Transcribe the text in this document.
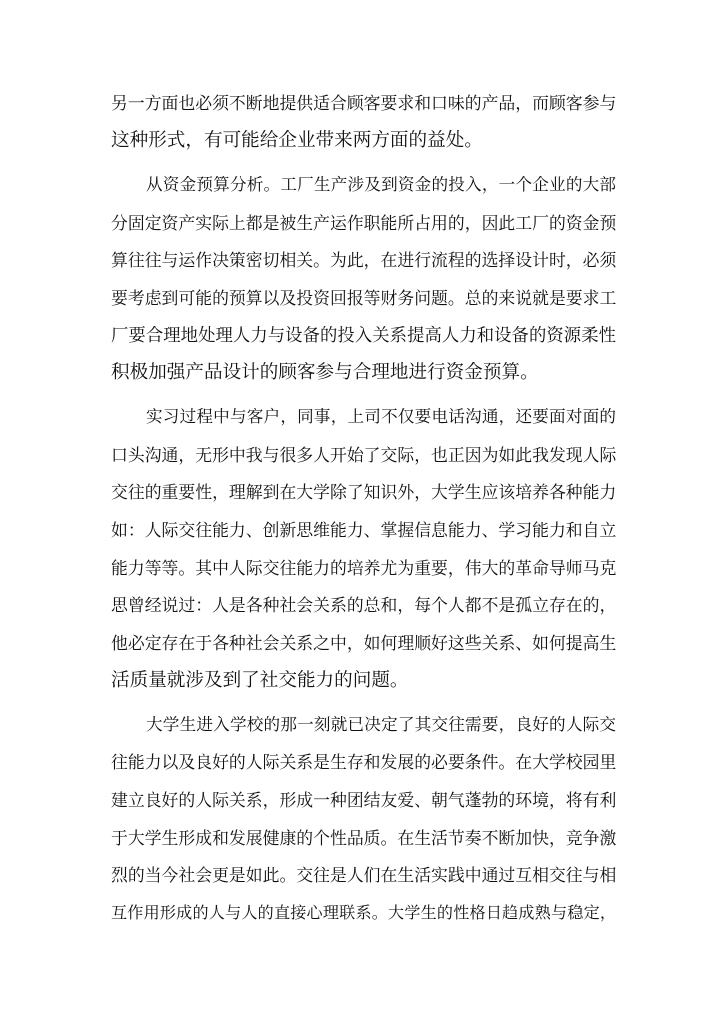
另一方面也必须不断地提供适合顾客要求和口味的产品，而顾客参与
这种形式，有可能给企业带来两方面的益处。
从资金预算分析。工厂生产涉及到资金的投入，一个企业的大部
分固定资产实际上都是被生产运作职能所占用的，因此工厂的资金预
算往往与运作决策密切相关。为此，在进行流程的选择设计时，必须
要考虑到可能的预算以及投资回报等财务问题。总的来说就是要求工
厂要合理地处理人力与设备的投入关系提高人力和设备的资源柔性
积极加强产品设计的顾客参与合理地进行资金预算。
实习过程中与客户，同事，上司不仅要电话沟通，还要面对面的
口头沟通，无形中我与很多人开始了交际，也正因为如此我发现人际
交往的重要性，理解到在大学除了知识外，大学生应该培养各种能力
如：人际交往能力、创新思维能力、掌握信息能力、学习能力和自立
能力等等。其中人际交往能力的培养尤为重要，伟大的革命导师马克
思曾经说过：人是各种社会关系的总和，每个人都不是孤立存在的，
他必定存在于各种社会关系之中，如何理顺好这些关系、如何提高生
活质量就涉及到了社交能力的问题。
大学生进入学校的那一刻就已决定了其交往需要，良好的人际交
往能力以及良好的人际关系是生存和发展的必要条件。在大学校园里
建立良好的人际关系，形成一种团结友爱、朝气蓬勃的环境，将有利
于大学生形成和发展健康的个性品质。在生活节奏不断加快，竞争激
烈的当今社会更是如此。交往是人们在生活实践中通过互相交往与相
互作用形成的人与人的直接心理联系。大学生的性格日趋成熟与稳定，
